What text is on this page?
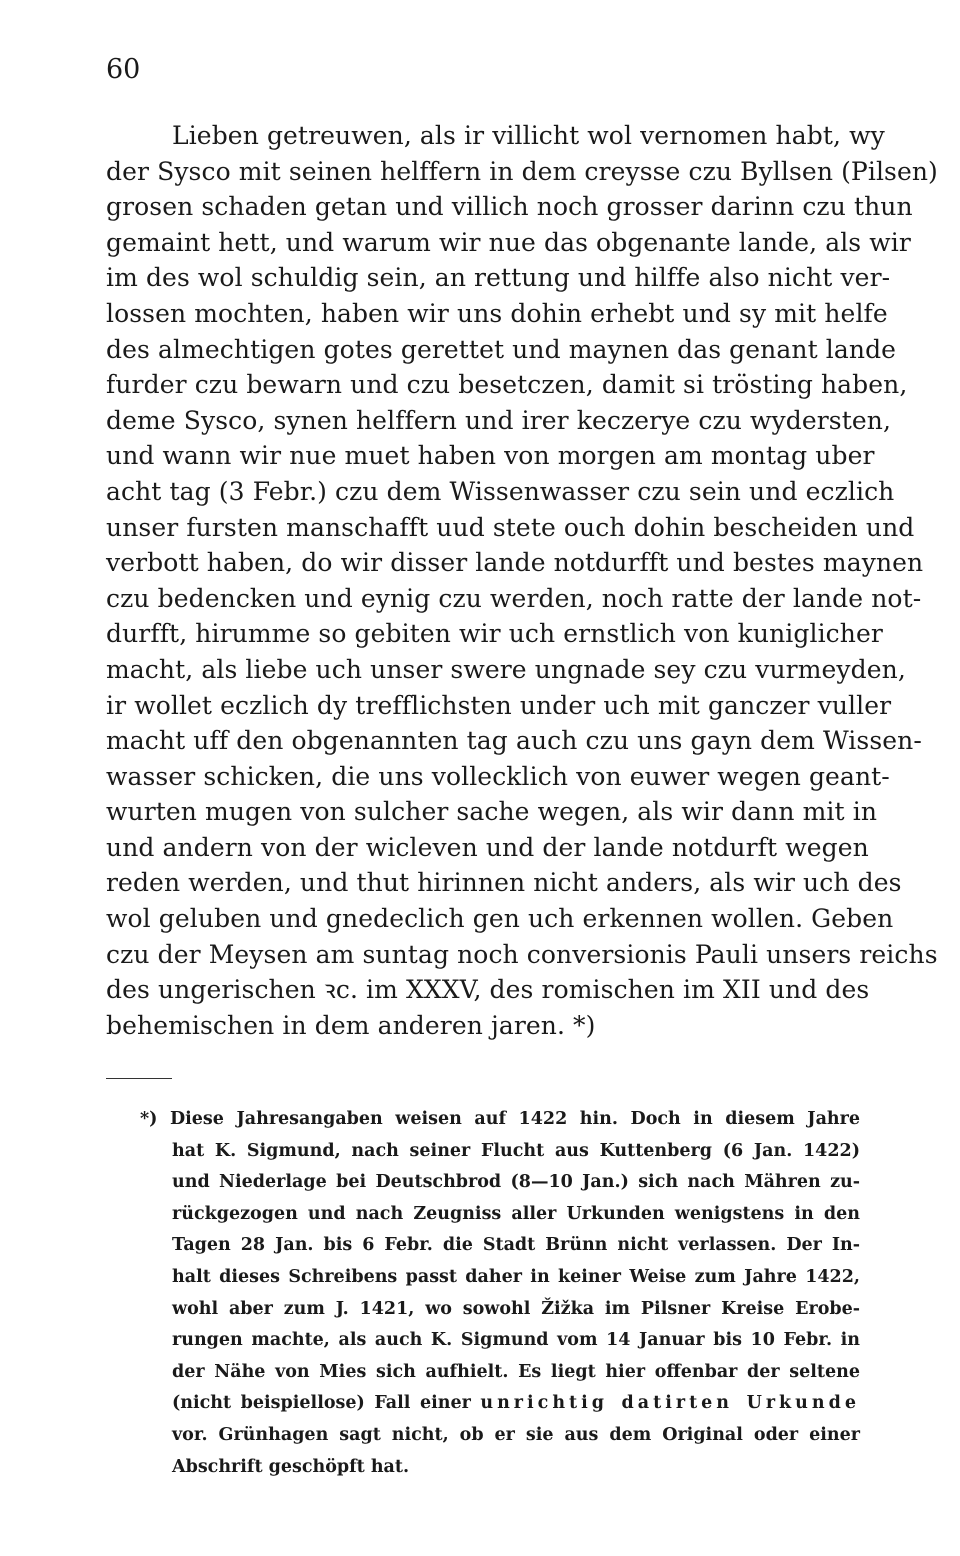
60
Lieben getreuwen, als ir villicht wol vernomen habt, wy
der Sysco mit seinen helffern in dem creysse czu Byllsen (Pilsen)
grosen schaden getan und villich noch grosser darinn czu thun
gemaint hett, und warum wir nue das obgenante lande, als wir
im des wol schuldig sein, an rettung und hilffe also nicht ver-
lossen mochten, haben wir uns dohin erhebt und sy mit helfe
des almechtigen gotes gerettet und maynen das genant lande
furder czu bewarn und czu besetczen, damit si trösting haben,
deme Sysco, synen helffern und irer keczerye czu wydersten,
und wann wir nue muet haben von morgen am montag uber
acht tag (3 Febr.) czu dem Wissenwasser czu sein und eczlich
unser fursten manschafft uud stete ouch dohin bescheiden und
verbott haben, do wir disser lande notdurfft und bestes maynen
czu bedencken und eynig czu werden, noch ratte der lande not-
durfft, hirumme so gebiten wir uch ernstlich von kuniglicher
macht, als liebe uch unser swere ungnade sey czu vurmeyden,
ir wollet eczlich dy trefflichsten under uch mit ganczer vuller
macht uff den obgenannten tag auch czu uns gayn dem Wissen-
wasser schicken, die uns vollecklich von euwer wegen geant-
wurten mugen von sulcher sache wegen, als wir dann mit in
und andern von der wicleven und der lande notdurft wegen
reden werden, und thut hirinnen nicht anders, als wir uch des
wol geluben und gnedeclich gen uch erkennen wollen. Geben
czu der Meysen am suntag noch conversionis Pauli unsers reichs
des ungerischen ꝛc. im XXXV, des romischen im XII und des
behemischen in dem anderen jaren. *)
*) Diese Jahresangaben weisen auf 1422 hin. Doch in diesem Jahre
hat K. Sigmund, nach seiner Flucht aus Kuttenberg (6 Jan. 1422)
und Niederlage bei Deutschbrod (8—10 Jan.) sich nach Mähren zu-
rückgezogen und nach Zeugniss aller Urkunden wenigstens in den
Tagen 28 Jan. bis 6 Febr. die Stadt Brünn nicht verlassen. Der In-
halt dieses Schreibens passt daher in keiner Weise zum Jahre 1422,
wohl aber zum J. 1421, wo sowohl Žižka im Pilsner Kreise Erobe-
rungen machte, als auch K. Sigmund vom 14 Januar bis 10 Febr. in
der Nähe von Mies sich aufhielt. Es liegt hier offenbar der seltene
(nicht beispiellose) Fall einer unrichtig datirten Urkunde
vor. Grünhagen sagt nicht, ob er sie aus dem Original oder einer
Abschrift geschöpft hat.
